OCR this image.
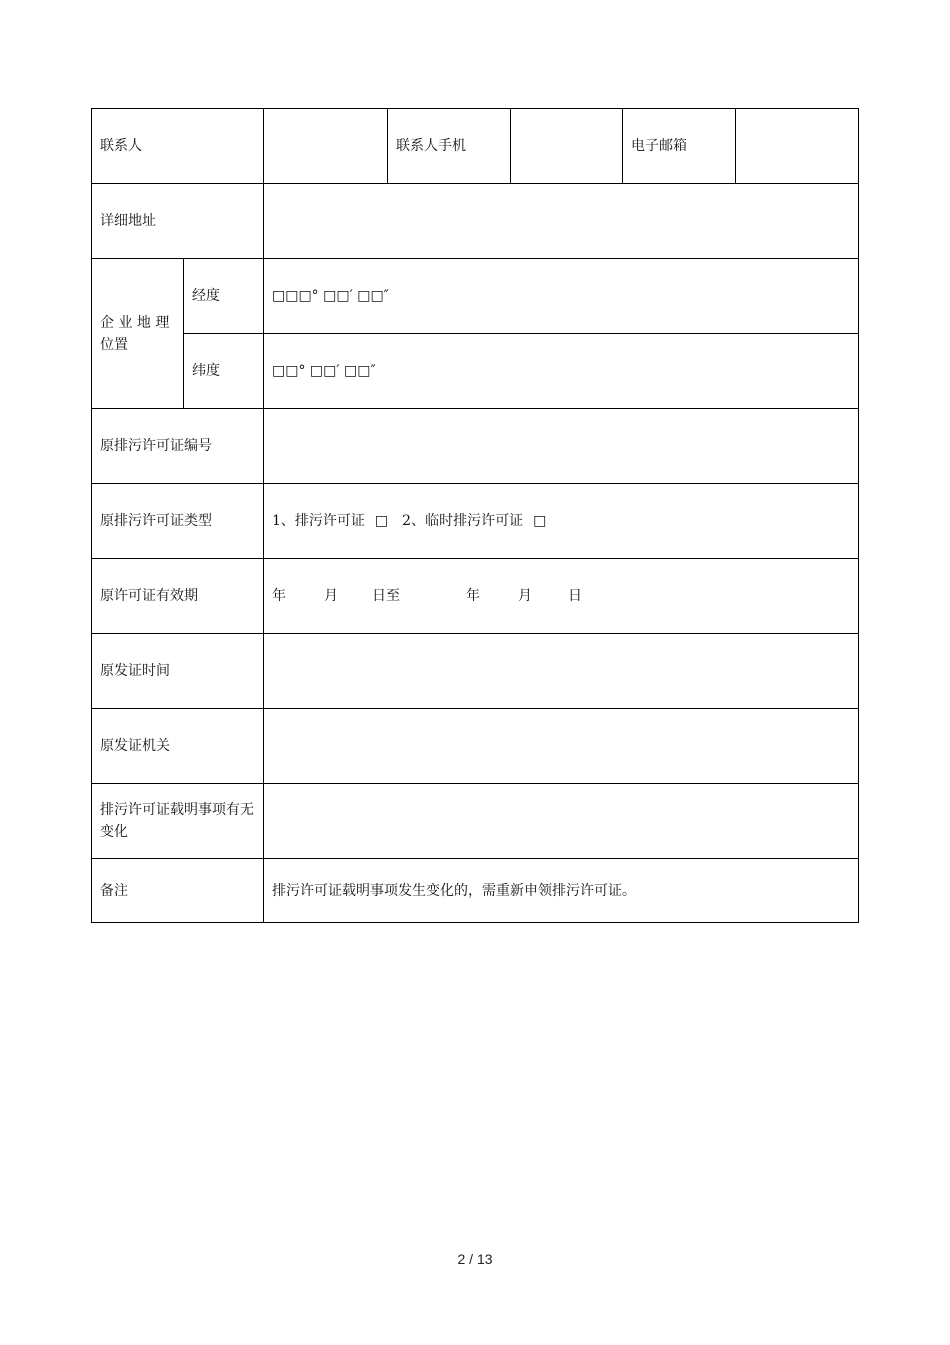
联系人			联系人手机		电子邮箱	
详细地址						
企 业 地 理 位置	经度	□□□° □□′ □□″				
	纬度	□□° □□′ □□″				
原排污许可证编号						
原排污许可证类型		1、排污许可证 □ 2、临时排污许可证 □				
原许可证有效期		年 月 日至 年 月 日				
原发证时间						
原发证机关						
排污许可证载明事项有无变化						
备注		排污许可证载明事项发生变化的，需重新申领排污许可证。				
2 / 13
